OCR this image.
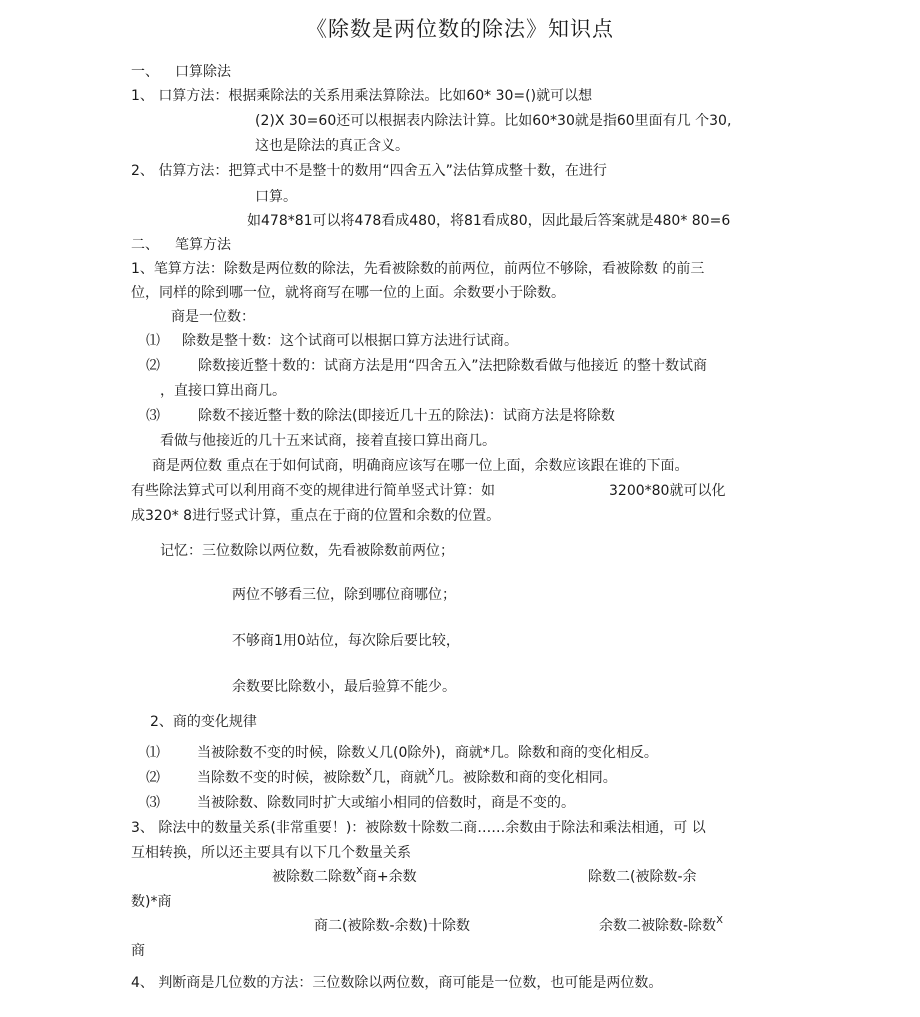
《除数是两位数的除法》知识点
一、 口算除法
1、 口算方法：根据乘除法的关系用乘法算除法。比如60* 30=()就可以想
(2)X 30=60还可以根据表内除法计算。比如60*30就是指60里面有几 个30,
这也是除法的真正含义。
2、 估算方法：把算式中不是整十的数用“四舍五入”法估算成整十数，在进行
口算。
如478*81可以将478看成480，将81看成80，因此最后答案就是480* 80=6
二、 笔算方法
1、笔算方法：除数是两位数的除法，先看被除数的前两位，前两位不够除，看被除数 的前三
位，同样的除到哪一位，就将商写在哪一位的上面。余数要小于除数。
商是一位数：
⑴ 除数是整十数：这个试商可以根据口算方法进行试商。
⑵	除数接近整十数的：试商方法是用“四舍五入”法把除数看做与他接近 的整十数试商
，直接口算出商几。
⑶	除数不接近整十数的除法(即接近几十五的除法)：试商方法是将除数
看做与他接近的几十五来试商，接着直接口算出商几。
商是两位数 重点在于如何试商，明确商应该写在哪一位上面，余数应该跟在谁的下面。
有些除法算式可以利用商不变的规律进行简单竖式计算：如	3200*80就可以化
成320* 8进行竖式计算，重点在于商的位置和余数的位置。
记忆：三位数除以两位数，先看被除数前两位；
两位不够看三位，除到哪位商哪位；
不够商1用0站位，每次除后要比较，
余数要比除数小，最后验算不能少。
2、商的变化规律
⑴	当被除数不变的时候，除数乂几(0除外)，商就*几。除数和商的变化相反。
⑵	当除数不变的时候，被除数$^X$几，商就$^X$几。被除数和商的变化相同。
⑶	当被除数、除数同时扩大或缩小相同的倍数时，商是不变的。
3、 除法中的数量关系(非常重要！)：被除数十除数二商……余数由于除法和乘法相通，可 以
互相转换，所以还主要具有以下几个数量关系
被除数二除数$^X$商+余数	除数二(被除数-余
数)*商
商二(被除数-余数)十除数	余数二被除数-除数$^X$
商
4、 判断商是几位数的方法：三位数除以两位数，商可能是一位数，也可能是两位数。
